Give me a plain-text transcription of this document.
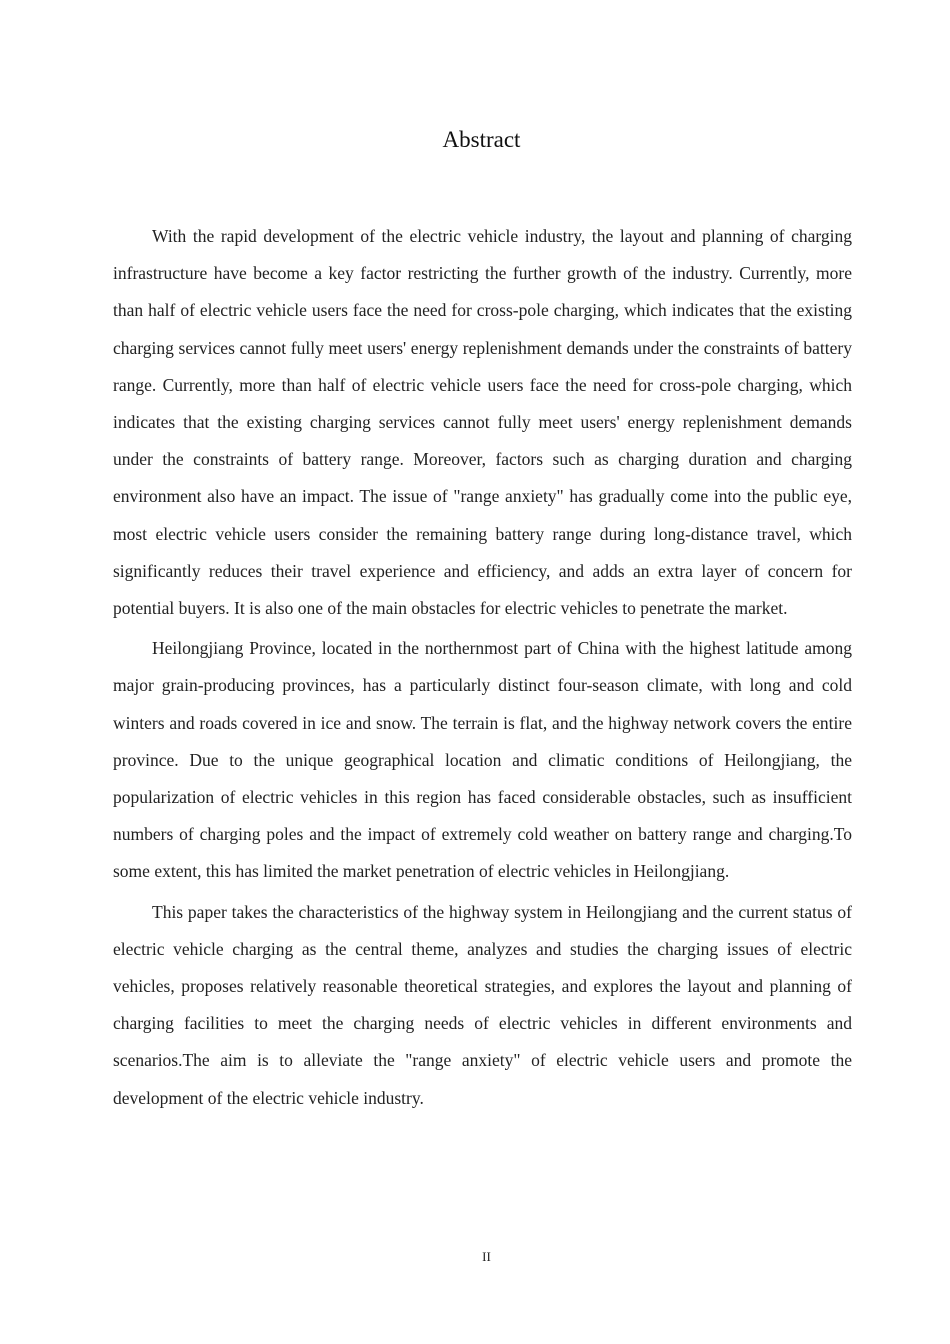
Abstract

With the rapid development of the electric vehicle industry, the layout and planning of charging infrastructure have become a key factor restricting the further growth of the industry. Currently, more than half of electric vehicle users face the need for cross-pole charging, which indicates that the existing charging services cannot fully meet users' energy replenishment demands under the constraints of battery range. Currently, more than half of electric vehicle users face the need for cross-pole charging, which indicates that the existing charging services cannot fully meet users' energy replenishment demands under the constraints of battery range. Moreover, factors such as charging duration and charging environment also have an impact. The issue of "range anxiety" has gradually come into the public eye, most electric vehicle users consider the remaining battery range during long-distance travel, which significantly reduces their travel experience and efficiency, and adds an extra layer of concern for potential buyers. It is also one of the main obstacles for electric vehicles to penetrate the market.

Heilongjiang Province, located in the northernmost part of China with the highest latitude among major grain-producing provinces, has a particularly distinct four-season climate, with long and cold winters and roads covered in ice and snow. The terrain is flat, and the highway network covers the entire province. Due to the unique geographical location and climatic conditions of Heilongjiang, the popularization of electric vehicles in this region has faced considerable obstacles, such as insufficient numbers of charging poles and the impact of extremely cold weather on battery range and charging.To some extent, this has limited the market penetration of electric vehicles in Heilongjiang.

This paper takes the characteristics of the highway system in Heilongjiang and the current status of electric vehicle charging as the central theme, analyzes and studies the charging issues of electric vehicles, proposes relatively reasonable theoretical strategies, and explores the layout and planning of charging facilities to meet the charging needs of electric vehicles in different environments and scenarios.The aim is to alleviate the "range anxiety" of electric vehicle users and promote the development of the electric vehicle industry.

II
